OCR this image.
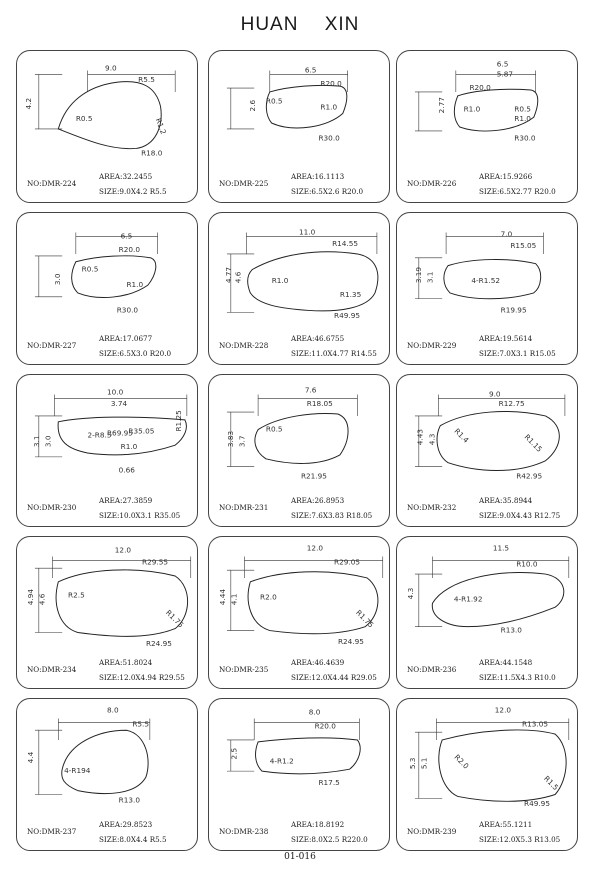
HUAN XIN
9.0
R5.5
4.2
R0.5	R1.2
R18.0
NO:DMR-224
AREA:32.2455
SIZE:9.0X4.2 R5.5
6.5
R20.0
2.6 R0.5
R1.0
R30.0
NO:DMR-225
AREA:16.1113
SIZE:6.5X2.6 R20.0
6.5
5.87
R20.0
2.77 R1.0	R0.5
R1.0
R30.0
NO:DMR-226
AREA:15.9266
SIZE:6.5X2.77 R20.0
6.5
R20.0
3.0
R0.5
R1.0
R30.0
NO:DMR-227
AREA:17.0677
SIZE:6.5X3.0 R20.0
11.0
R14.55
4.77 4.6	R1.0
R1.35
R49.95
NO:DMR-228
AREA:46.6755
SIZE:11.0X4.77 R14.55
7.0
R15.05
3.19 3.1	4-R1.52
R19.95
NO:DMR-229
AREA:19.5614
SIZE:7.0X3.1 R15.05
10.0
3.74
3.1 3.0
2-R8.5 R35.05
R1.0
R1.25
0.66
R69.95
NO:DMR-230
AREA:27.3859
SIZE:10.0X3.1 R35.05
7.6
R18.05
3.83 3.7
R0.5
R21.95
NO:DMR-231
AREA:26.8953
SIZE:7.6X3.83 R18.05
9.0
R12.75
4.43 4.3 R1.4	R1.15
R42.95
NO:DMR-232
AREA:35.8944
SIZE:9.0X4.43 R12.75
12.0
R29.55
4.94 4.6	R2.5
R1.75
R24.95
NO:DMR-234
AREA:51.8024
SIZE:12.0X4.94 R29.55
12.0
R29.05
4.44 4.1	R2.0
R1.75
R24.95
NO:DMR-235
AREA:46.4639
SIZE:12.0X4.44 R29.05
11.5
R10.0
4.3	4-R1.92
R13.0
NO:DMR-236
AREA:44.1548
SIZE:11.5X4.3 R10.0
8.0
R5.5
4.4
4-R194
R13.0
NO:DMR-237
AREA:29.8523
SIZE:8.0X4.4 R5.5
8.0
R20.0
2.5
4-R1.2
R17.5
NO:DMR-238
AREA:18.8192
SIZE:8.0X2.5 R220.0
12.0
R13.05
5.3 5.1	R2.0
R1.5
R49.95
NO:DMR-239
AREA:55.1211
SIZE:12.0X5.3 R13.05
01-016
